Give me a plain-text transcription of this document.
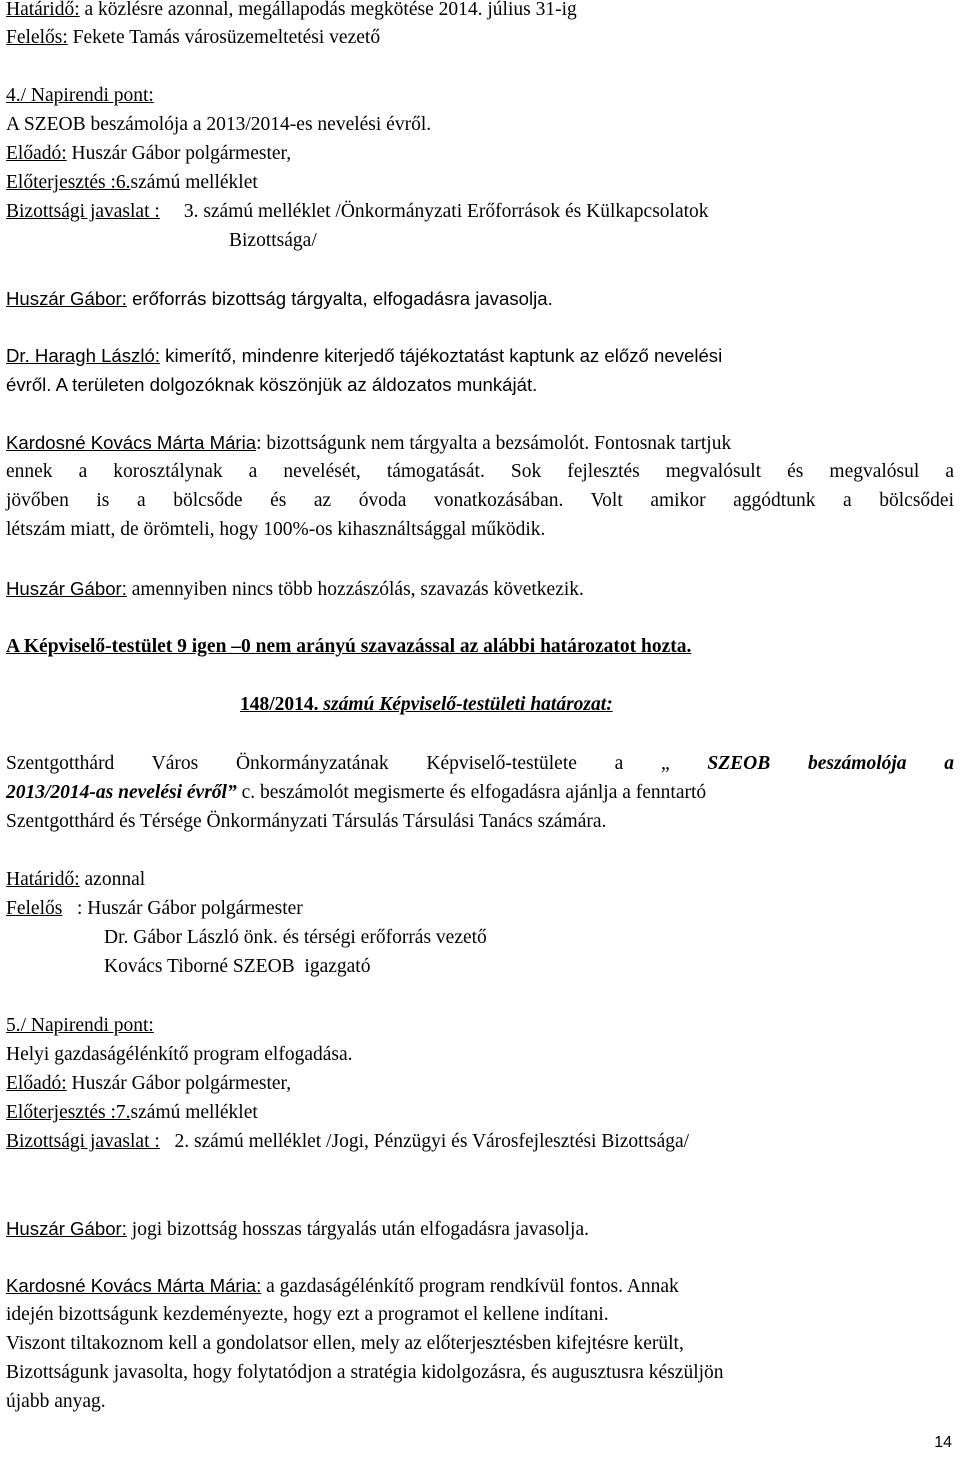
Határidő: a közlésre azonnal, megállapodás megkötése 2014. július 31-ig
Felelős: Fekete Tamás városüzemeltetési vezető
4./ Napirendi pont:
A SZEOB beszámolója a 2013/2014-es nevelési évről.
Előadó: Huszár Gábor polgármester,
Előterjesztés :6.számú melléklet
Bizottsági javaslat : 3. számú melléklet /Önkormányzati Erőforrások és Külkapcsolatok
Bizottsága/
Huszár Gábor: erőforrás bizottság tárgyalta, elfogadásra javasolja.
Dr. Haragh László: kimerítő, mindenre kiterjedő tájékoztatást kaptunk az előző nevelési
évről. A területen dolgozóknak köszönjük az áldozatos munkáját.
Kardosné Kovács Márta Mária: bizottságunk nem tárgyalta a bezsámolót. Fontosnak tartjuk
ennek a korosztálynak a nevelését, támogatását. Sok fejlesztés megvalósult és megvalósul a
jövőben is a bölcsőde és az óvoda vonatkozásában. Volt amikor aggódtunk a bölcsődei
létszám miatt, de örömteli, hogy 100%-os kihasználtsággal működik.
Huszár Gábor: amennyiben nincs több hozzászólás, szavazás következik.
A Képviselő-testület 9 igen –0 nem arányú szavazással az alábbi határozatot hozta.
148/2014. számú Képviselő-testületi határozat:
Szentgotthárd Város Önkormányzatának Képviselő-testülete a „ SZEOB beszámolója a
2013/2014-as nevelési évről” c. beszámolót megismerte és elfogadásra ajánlja a fenntartó
Szentgotthárd és Térsége Önkormányzati Társulás Társulási Tanács számára.
Határidő: azonnal
Felelős   : Huszár Gábor polgármester
Dr. Gábor László önk. és térségi erőforrás vezető
Kovács Tiborné SZEOB  igazgató
5./ Napirendi pont:
Helyi gazdaságélénkítő program elfogadása.
Előadó: Huszár Gábor polgármester,
Előterjesztés :7.számú melléklet
Bizottsági javaslat :   2. számú melléklet /Jogi, Pénzügyi és Városfejlesztési Bizottsága/
Huszár Gábor: jogi bizottság hosszas tárgyalás után elfogadásra javasolja.
Kardosné Kovács Márta Mária: a gazdaságélénkítő program rendkívül fontos. Annak
idején bizottságunk kezdeményezte, hogy ezt a programot el kellene indítani.
Viszont tiltakoznom kell a gondolatsor ellen, mely az előterjesztésben kifejtésre került,
Bizottságunk javasolta, hogy folytatódjon a stratégia kidolgozásra, és augusztusra készüljön
újabb anyag.
14
